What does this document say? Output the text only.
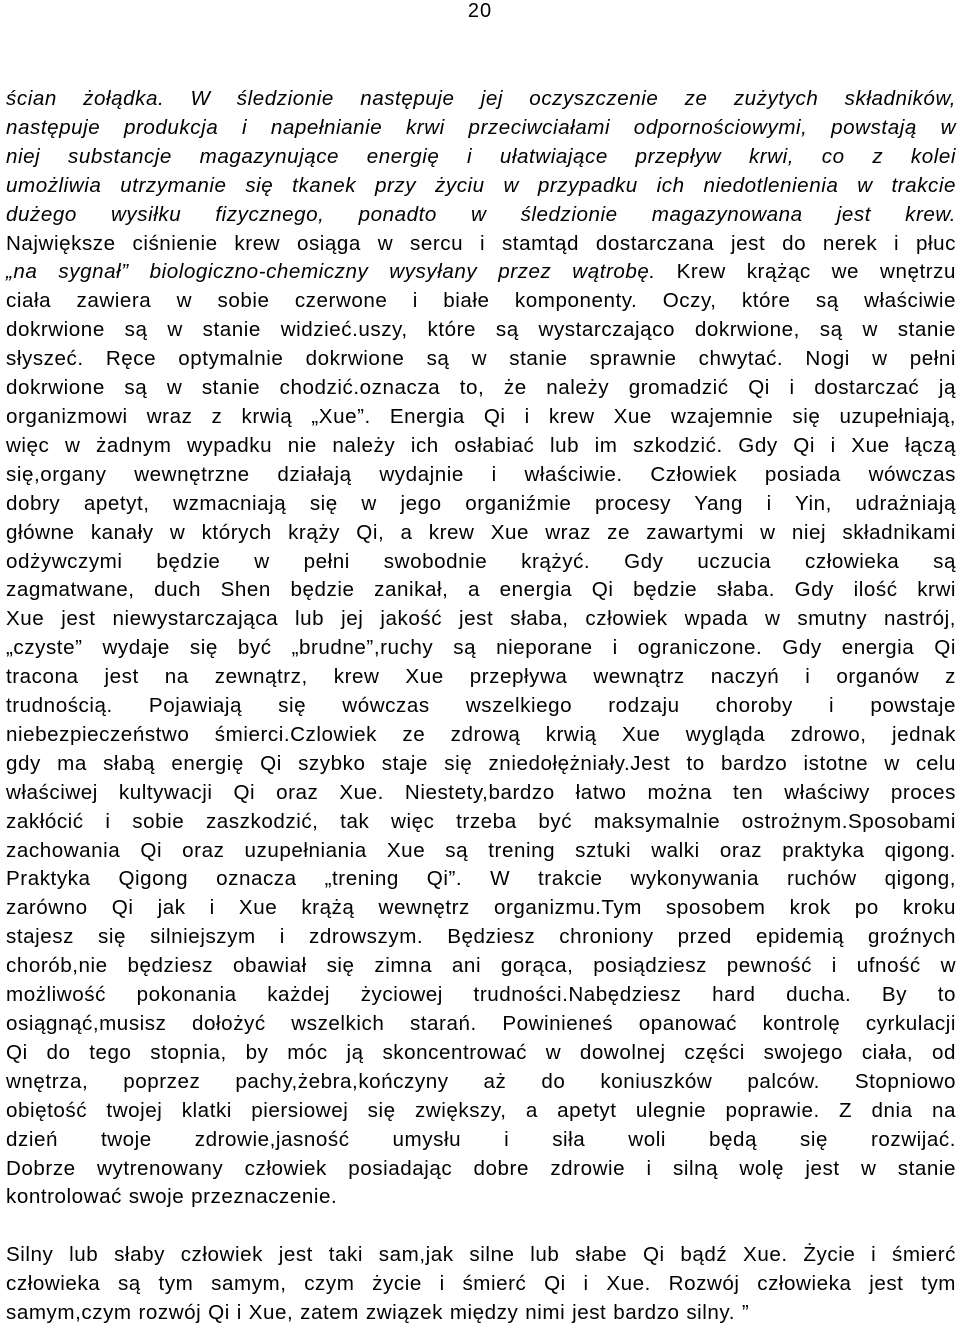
20
ścian żołądka. W śledzionie następuje jej oczyszczenie ze zużytych składników,
następuje produkcja i napełnianie krwi przeciwciałami odpornościowymi, powstają w
niej substancje magazynujące energię i ułatwiające przepływ krwi, co z kolei
umożliwia utrzymanie się tkanek przy życiu w przypadku ich niedotlenienia w trakcie
dużego wysiłku fizycznego, ponadto w śledzionie magazynowana jest krew.
Największe ciśnienie krew osiąga w sercu i stamtąd dostarczana jest do nerek i płuc
„na sygnał” biologiczno-chemiczny wysyłany przez wątrobę. Krew krążąc we wnętrzu
ciała zawiera w sobie czerwone i białe komponenty. Oczy, które są właściwie
dokrwione są w stanie widzieć.uszy, które są wystarczająco dokrwione, są w stanie
słyszeć. Ręce optymalnie dokrwione są w stanie sprawnie chwytać. Nogi w pełni
dokrwione są w stanie chodzić.oznacza to, że należy gromadzić Qi i dostarczać ją
organizmowi wraz z krwią „Xue”. Energia Qi i krew Xue wzajemnie się uzupełniają,
więc w żadnym wypadku nie należy ich osłabiać lub im szkodzić. Gdy Qi i Xue łączą
się,organy wewnętrzne działają wydajnie i właściwie. Człowiek posiada wówczas
dobry apetyt, wzmacniają się w jego organiźmie procesy Yang i Yin, udrażniają
główne kanały w których krąży Qi, a krew Xue wraz ze zawartymi w niej składnikami
odżywczymi będzie w pełni swobodnie krążyć. Gdy uczucia człowieka są
zagmatwane, duch Shen będzie zanikał, a energia Qi będzie słaba. Gdy ilość krwi
Xue jest niewystarczająca lub jej jakość jest słaba, człowiek wpada w smutny nastrój,
„czyste” wydaje się być „brudne”,ruchy są nieporane i ograniczone. Gdy energia Qi
tracona jest na zewnątrz, krew Xue przepływa wewnątrz naczyń i organów z
trudnością. Pojawiają się wówczas wszelkiego rodzaju choroby i powstaje
niebezpieczeństwo śmierci.Czlowiek ze zdrową krwią Xue wygląda zdrowo, jednak
gdy ma słabą energię Qi szybko staje się zniedołężniały.Jest to bardzo istotne w celu
właściwej kultywacji Qi oraz Xue. Niestety,bardzo łatwo można ten właściwy proces
zakłócić i sobie zaszkodzić, tak więc trzeba być maksymalnie ostrożnym.Sposobami
zachowania Qi oraz uzupełniania Xue są trening sztuki walki oraz praktyka qigong.
Praktyka Qigong oznacza „trening Qi”. W trakcie wykonywania ruchów qigong,
zarówno Qi jak i Xue krążą wewnętrz organizmu.Tym sposobem krok po kroku
stajesz się silniejszym i zdrowszym. Będziesz chroniony przed epidemią groźnych
chorób,nie będziesz obawiał się zimna ani gorąca, posiądziesz pewność i ufność w
możliwość pokonania każdej życiowej trudności.Nabędziesz hard ducha. By to
osiągnąć,musisz dołożyć wszelkich starań. Powinieneś opanować kontrolę cyrkulacji
Qi do tego stopnia, by móc ją skoncentrować w dowolnej części swojego ciała, od
wnętrza, poprzez pachy,żebra,kończyny aż do koniuszków palców. Stopniowo
obiętość twojej klatki piersiowej się zwiększy, a apetyt ulegnie poprawie. Z dnia na
dzień twoje zdrowie,jasność umysłu i siła woli będą się rozwijać.
Dobrze wytrenowany człowiek posiadając dobre zdrowie i silną wolę jest w stanie
kontrolować swoje przeznaczenie.
Silny lub słaby człowiek jest taki sam,jak silne lub słabe Qi bądź Xue. Życie i śmierć
człowieka są tym samym, czym życie i śmierć Qi i Xue. Rozwój człowieka jest tym
samym,czym rozwój Qi i Xue, zatem związek między nimi jest bardzo silny. ”
